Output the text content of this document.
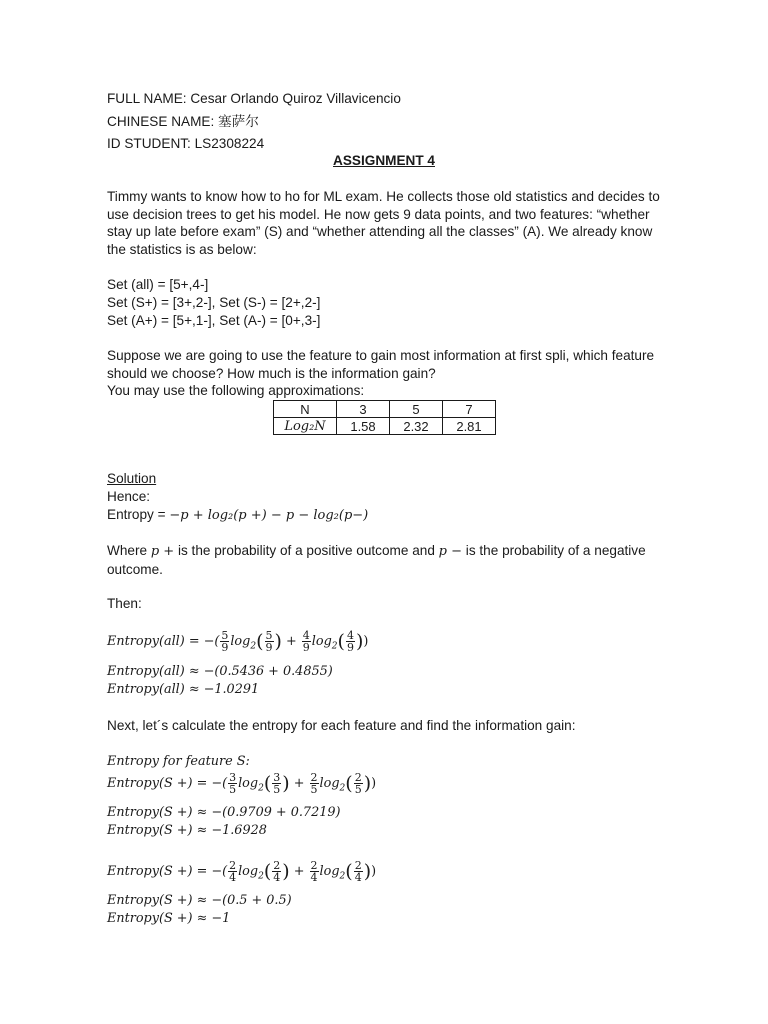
FULL NAME: Cesar Orlando Quiroz Villavicencio
CHINESE NAME: 塞萨尔
ID STUDENT: LS2308224
ASSIGNMENT 4
Timmy wants to know how to ho for ML exam. He collects those old statistics and decides to use decision trees to get his model. He now gets 9 data points, and two features: “whether stay up late before exam” (S) and “whether attending all the classes” (A). We already know the statistics is as below:
Set (all) = [5+,4-]
Set (S+) = [3+,2-], Set (S-) = [2+,2-]
Set (A+) = [5+,1-], Set (A-) = [0+,3-]
Suppose we are going to use the feature to gain most information at first spli, which feature should we choose? How much is the information gain?
You may use the following approximations:
N	3	5	7
Log₂N	1.58	2.32	2.81
Solution
Hence:
Entropy = −p + log₂(p +) − p − log₂(p−)
Where p + is the probability of a positive outcome and p − is the probability of a negative outcome.
Then:
Entropy(all) = −( $\frac{5}{9} \log_2( \frac{5}{9}$ ) + $\frac{4}{9} \log_2( \frac{4}{9}$ ))
Entropy(all) ≈ −(0.5436 + 0.4855)
Entropy(all) ≈ −1.0291
Next, let´s calculate the entropy for each feature and find the information gain:
Entropy for feature S:
Entropy(S +) = −( $\frac{3}{5} \log_2( \frac{3}{5}$ ) + $\frac{2}{5} \log_2( \frac{2}{5}$ ))
Entropy(S +) ≈ −(0.9709 + 0.7219)
Entropy(S +) ≈ −1.6928
Entropy(S +) = −( $\frac{2}{4} \log_2( \frac{2}{4}$ ) + $\frac{2}{4} \log_2( \frac{2}{4}$ ))
Entropy(S +) ≈ −(0.5 + 0.5)
Entropy(S +) ≈ −1
